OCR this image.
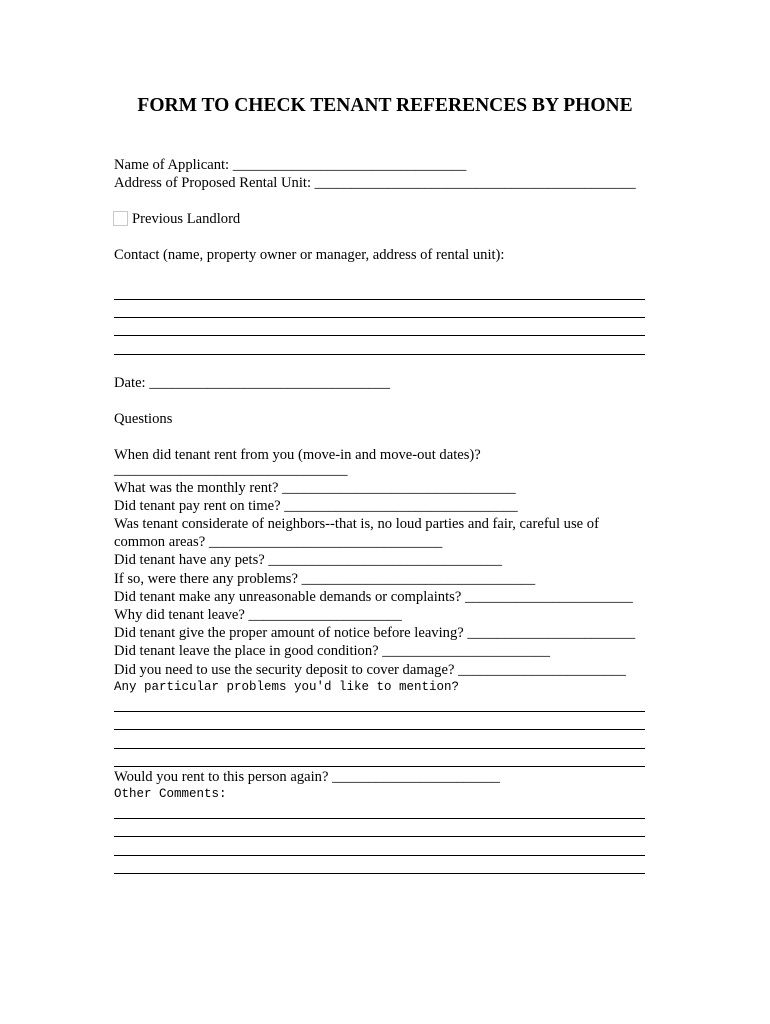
FORM TO CHECK TENANT REFERENCES BY PHONE
Name of Applicant: ________________________________
Address of Proposed Rental Unit: ____________________________________________
Previous Landlord
Contact (name, property owner or manager, address of rental unit):
Date: _________________________________
Questions
When did tenant rent from you (move-in and move-out dates)?
________________________________
What was the monthly rent? ________________________________
Did tenant pay rent on time? ________________________________
Was tenant considerate of neighbors--that is, no loud parties and fair, careful use of
common areas? ________________________________
Did tenant have any pets? ________________________________
If so, were there any problems? ________________________________
Did tenant make any unreasonable demands or complaints? _______________________
Why did tenant leave? _____________________
Did tenant give the proper amount of notice before leaving? _______________________
Did tenant leave the place in good condition? _______________________
Did you need to use the security deposit to cover damage? _______________________
Any particular problems you'd like to mention?
Would you rent to this person again? _______________________
Other Comments:
